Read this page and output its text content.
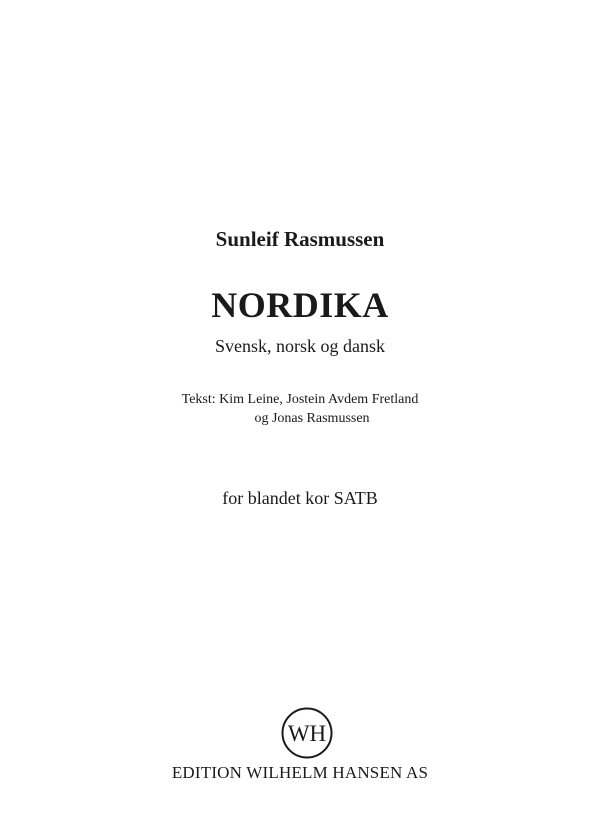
Sunleif Rasmussen
NORDIKA
Svensk, norsk og dansk
Tekst: Kim Leine, Jostein Avdem Fretland
og Jonas Rasmussen
for blandet kor SATB
WH
EDITION WILHELM HANSEN AS
